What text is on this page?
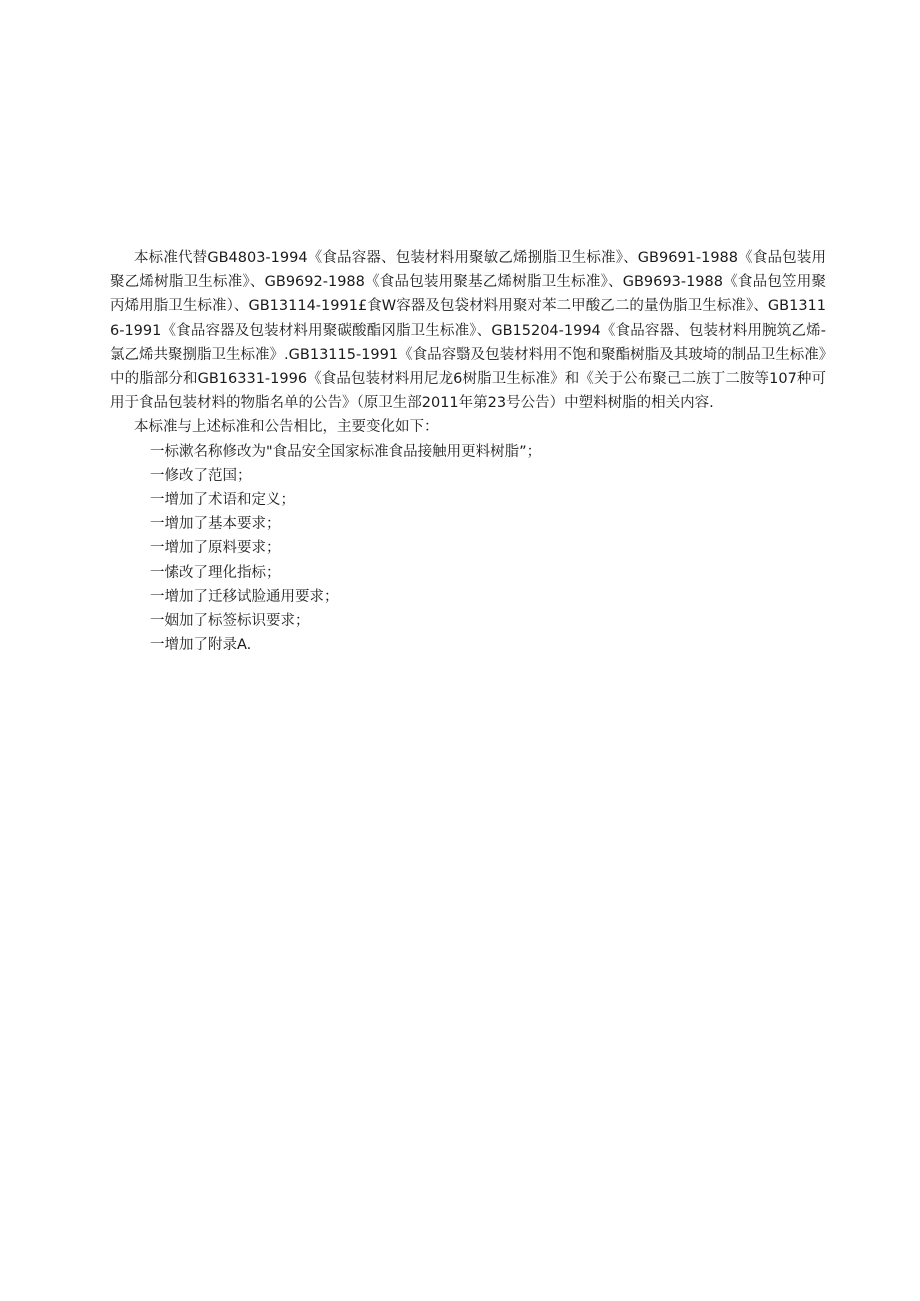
本标准代替GB4803-1994《食品容器、包装材料用聚敏乙烯捌脂卫生标准》、GB9691-1988《食品包装用聚乙烯树脂卫生标准》、GB9692-1988《食品包装用聚基乙烯树脂卫生标准》、GB9693-1988《食品包笠用聚丙烯用脂卫生标准）、GB13114-1991£食W容器及包袋材料用聚对苯二甲酸乙二的量伪脂卫生标准》、GB13116-1991《食品容器及包装材料用聚碳酸酯冈脂卫生标准》、GB15204-1994《食品容器、包装材料用腕筑乙烯-氯乙烯共聚捌脂卫生标准》.GB13115-1991《食品容翳及包装材料用不饱和聚酯树脂及其玻埼的制品卫生标准》中的脂部分和GB16331-1996《食品包装材料用尼龙6树脂卫生标准》和《关于公布聚己二族丁二胺等107种可用于食品包装材料的物脂名单的公告》（原卫生部2011年第23号公告）中塑料树脂的相关内容.

本标准与上述标准和公告相比，主要变化如下：

一标漱名称修改为"食品安全国家标准食品接触用更料树脂”；
一修改了范国；
一增加了术语和定义；
一增加了基本要求；
一增加了原料要求；
一愫改了理化指标；
一增加了迁移试脸通用要求；
一姻加了标签标识要求；
一增加了附录A.
